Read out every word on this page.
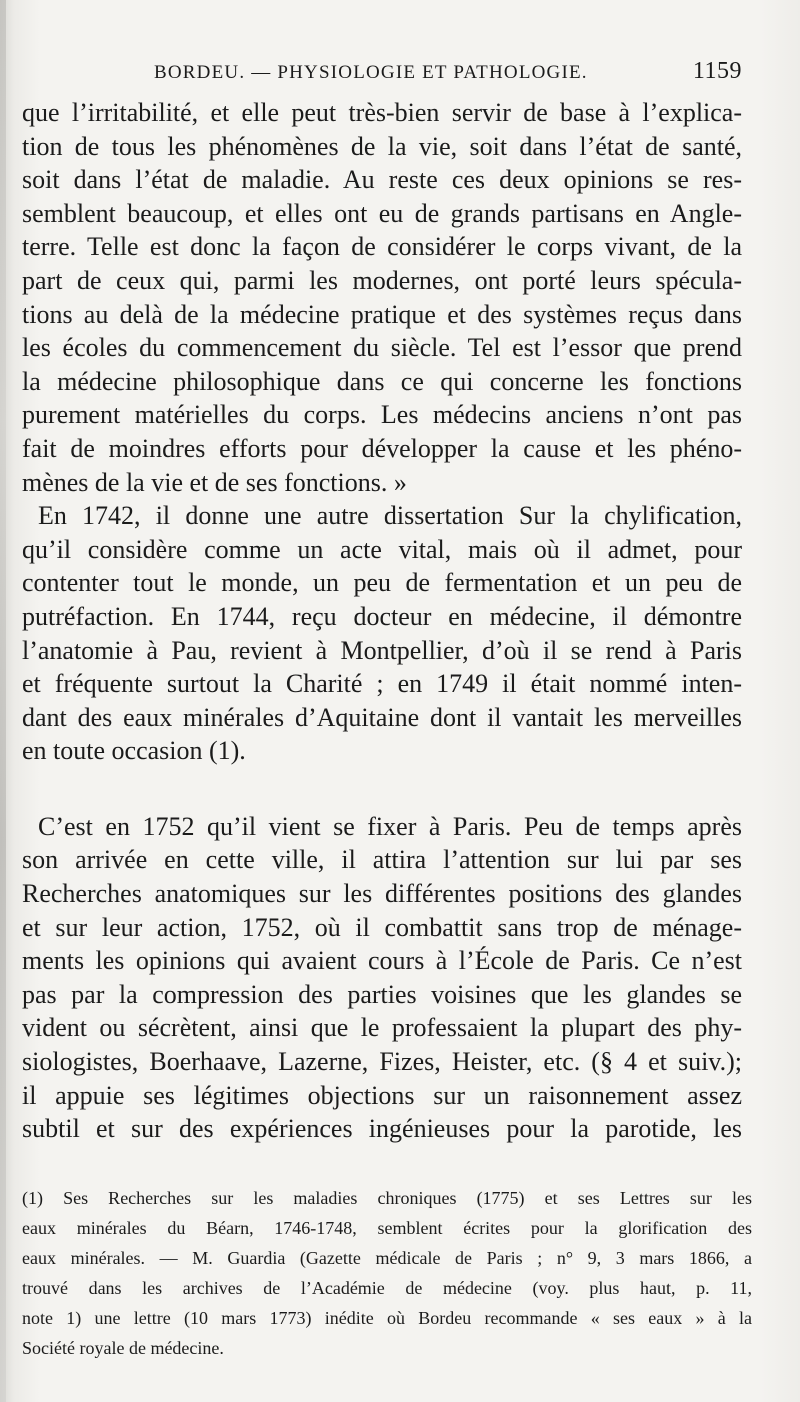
BORDEU. — PHYSIOLOGIE ET PATHOLOGIE.	1159

que l’irritabilité, et elle peut très-bien servir de base à l’explica-
tion de tous les phénomènes de la vie, soit dans l’état de santé,
soit dans l’état de maladie. Au reste ces deux opinions se res-
semblent beaucoup, et elles ont eu de grands partisans en Angle-
terre. Telle est donc la façon de considérer le corps vivant, de la
part de ceux qui, parmi les modernes, ont porté leurs spécula-
tions au delà de la médecine pratique et des systèmes reçus dans
les écoles du commencement du siècle. Tel est l’essor que prend
la médecine philosophique dans ce qui concerne les fonctions
purement matérielles du corps. Les médecins anciens n’ont pas
fait de moindres efforts pour développer la cause et les phéno-
mènes de la vie et de ses fonctions. »

En 1742, il donne une autre dissertation Sur la chylification,
qu’il considère comme un acte vital, mais où il admet, pour
contenter tout le monde, un peu de fermentation et un peu de
putréfaction. En 1744, reçu docteur en médecine, il démontre
l’anatomie à Pau, revient à Montpellier, d’où il se rend à Paris
et fréquente surtout la Charité ; en 1749 il était nommé inten-
dant des eaux minérales d’Aquitaine dont il vantait les merveilles
en toute occasion (1).

C’est en 1752 qu’il vient se fixer à Paris. Peu de temps après
son arrivée en cette ville, il attira l’attention sur lui par ses
Recherches anatomiques sur les différentes positions des glandes
et sur leur action, 1752, où il combattit sans trop de ménage-
ments les opinions qui avaient cours à l’École de Paris. Ce n’est
pas par la compression des parties voisines que les glandes se
vident ou sécrètent, ainsi que le professaient la plupart des phy-
siologistes, Boerhaave, Lazerne, Fizes, Heister, etc. (§ 4 et suiv.);
il appuie ses légitimes objections sur un raisonnement assez
subtil et sur des expériences ingénieuses pour la parotide, les

(1) Ses Recherches sur les maladies chroniques (1775) et ses Lettres sur les
eaux minérales du Béarn, 1746-1748, semblent écrites pour la glorification des
eaux minérales. — M. Guardia (Gazette médicale de Paris ; n° 9, 3 mars 1866, a
trouvé dans les archives de l’Académie de médecine (voy. plus haut, p. 11,
note 1) une lettre (10 mars 1773) inédite où Bordeu recommande « ses eaux » à la
Société royale de médecine.
